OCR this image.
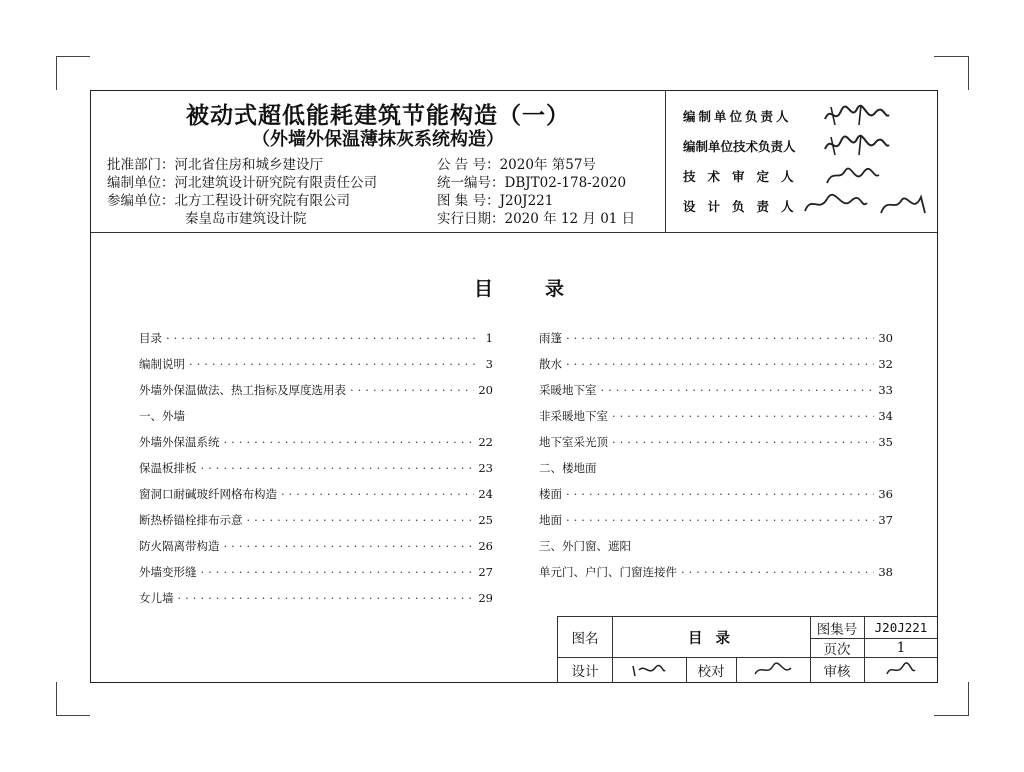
被动式超低能耗建筑节能构造（一）
（外墙外保温薄抹灰系统构造）
批准部门：河北省住房和城乡建设厅
编制单位：河北建筑设计研究院有限责任公司
参编单位：北方工程设计研究院有限公司
秦皇岛市建筑设计院
公 告 号：2020年 第57号
统一编号：DBJT02-178-2020
图 集 号：J20J221
实行日期：2020 年 12 月 01 日
编制单位负责人
编制单位技术负责人
技术审定人
设计负责人
目录
目录 ·····	1
编制说明 ·····	3
外墙外保温做法、热工指标及厚度选用表 ·····	20
一、外墙
外墙外保温系统 ·····	22
保温板排板 ·····	23
窗洞口耐碱玻纤网格布构造 ·····	24
断热桥锚栓排布示意 ·····	25
防火隔离带构造 ·····	26
外墙变形缝 ·····	27
女儿墙 ·····	29
雨篷 ·····	30
散水 ·····	32
采暖地下室 ·····	33
非采暖地下室 ·····	34
地下室采光顶 ·····	35
二、楼地面
楼面 ·····	36
地面 ·····	37
三、外门窗、遮阳
单元门、户门、门窗连接件 ·····	38
图名	目 录	图集号	J20J221
页次	1
设计	校对	审核
